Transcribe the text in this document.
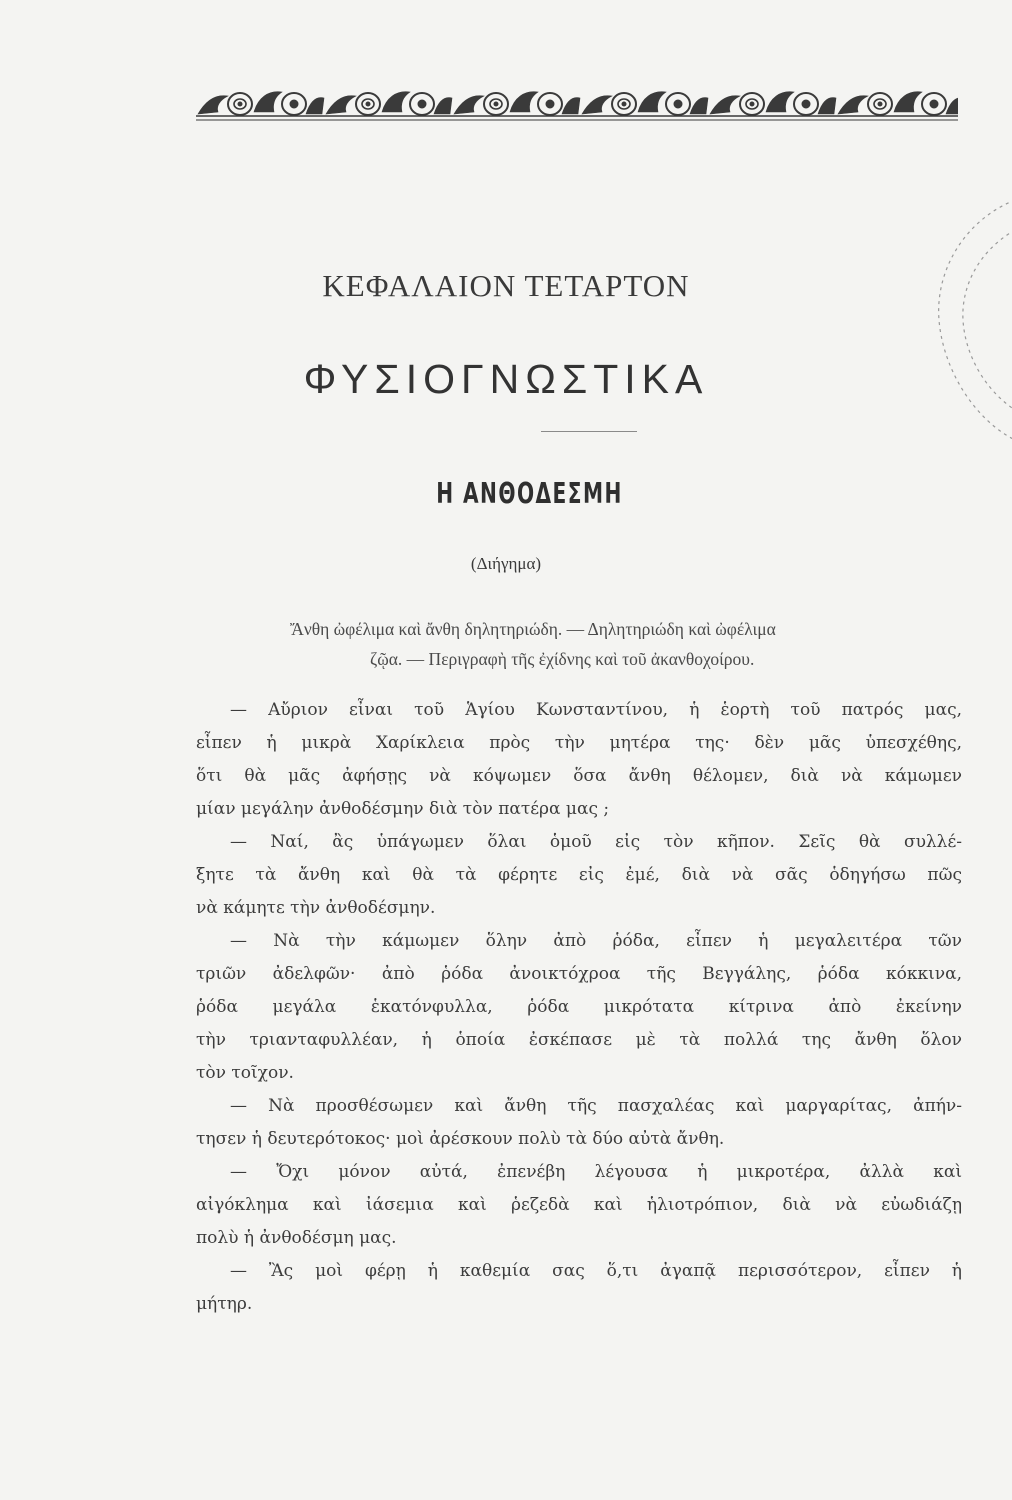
ΚΕΦΑΛΑΙΟΝ ΤΕΤΑΡΤΟΝ
ΦΥΣΙΟΓΝΩΣΤΙΚΑ
Η ΑΝΘΟΔΕΣΜΗ
(Διήγημα)
Ἄνθη ὠφέλιμα καὶ ἄνθη δηλητηριώδη. — Δηλητηριώδη καὶ ὠφέλιμα
ζῷα. — Περιγραφὴ τῆς ἐχίδνης καὶ τοῦ ἀκανθοχοίρου.
— Αὔριον εἶναι τοῦ Ἁγίου Κωνσταντίνου, ἡ ἑορτὴ τοῦ πατρός μας,
εἶπεν ἡ μικρὰ Χαρίκλεια πρὸς τὴν μητέρα της· δὲν μᾶς ὑπεσχέθης,
ὅτι θὰ μᾶς ἀφήσῃς νὰ κόψωμεν ὅσα ἄνθη θέλομεν, διὰ νὰ κάμωμεν
μίαν μεγάλην ἀνθοδέσμην διὰ τὸν πατέρα μας ;
— Ναί, ἂς ὑπάγωμεν ὅλαι ὁμοῦ εἰς τὸν κῆπον. Σεῖς θὰ συλλέ-
ξητε τὰ ἄνθη καὶ θὰ τὰ φέρητε εἰς ἐμέ, διὰ νὰ σᾶς ὁδηγήσω πῶς
νὰ κάμητε τὴν ἀνθοδέσμην.
— Νὰ τὴν κάμωμεν ὅλην ἀπὸ ῥόδα, εἶπεν ἡ μεγαλειτέρα τῶν
τριῶν ἀδελφῶν· ἀπὸ ῥόδα ἀνοικτόχροα τῆς Βεγγάλης, ῥόδα κόκκινα,
ῥόδα μεγάλα ἑκατόνφυλλα, ῥόδα μικρότατα κίτρινα ἀπὸ ἐκείνην
τὴν τριανταφυλλέαν, ἡ ὁποία ἐσκέπασε μὲ τὰ πολλά της ἄνθη ὅλον
τὸν τοῖχον.
— Νὰ προσθέσωμεν καὶ ἄνθη τῆς πασχαλέας καὶ μαργαρίτας, ἀπήν-
τησεν ἡ δευτερότοκος· μοὶ ἀρέσκουν πολὺ τὰ δύο αὐτὰ ἄνθη.
— Ὄχι μόνον αὐτά, ἐπενέβη λέγουσα ἡ μικροτέρα, ἀλλὰ καὶ
αἰγόκλημα καὶ ἰάσεμια καὶ ῥεζεδὰ καὶ ἡλιοτρόπιον, διὰ νὰ εὐωδιάζῃ
πολὺ ἡ ἀνθοδέσμη μας.
— Ἂς μοὶ φέρῃ ἡ καθεμία σας ὅ,τι ἀγαπᾷ περισσότερον, εἶπεν ἡ
μήτηρ.
